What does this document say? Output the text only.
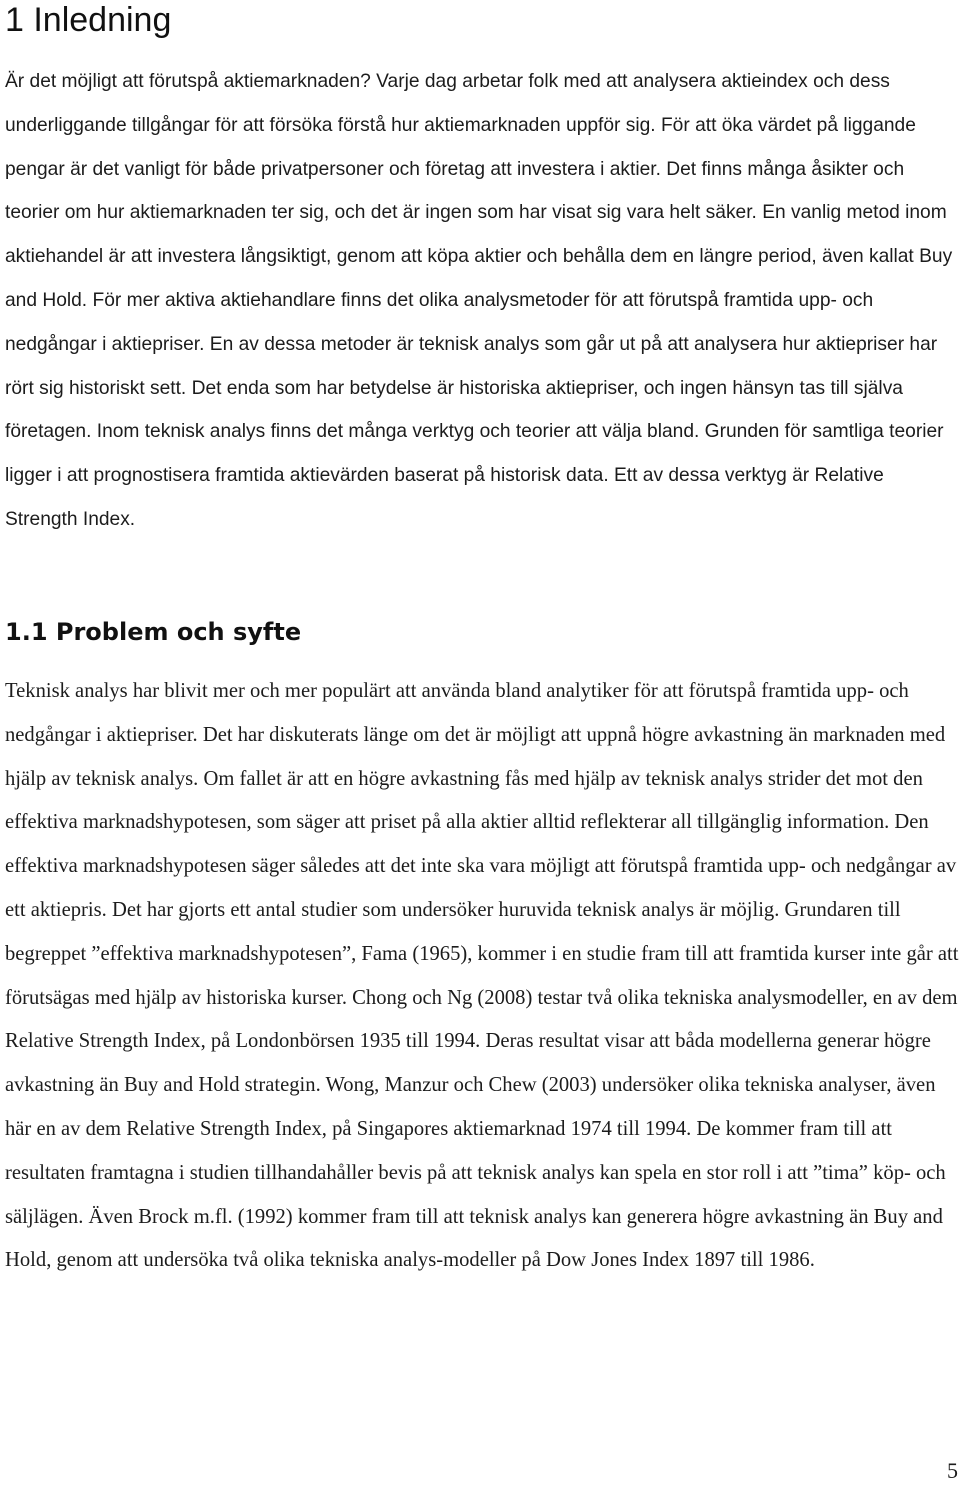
1 Inledning

Är det möjligt att förutspå aktiemarknaden? Varje dag arbetar folk med att analysera aktieindex och dess underliggande tillgångar för att försöka förstå hur aktiemarknaden uppför sig. För att öka värdet på liggande pengar är det vanligt för både privatpersoner och företag att investera i aktier. Det finns många åsikter och teorier om hur aktiemarknaden ter sig, och det är ingen som har visat sig vara helt säker. En vanlig metod inom aktiehandel är att investera långsiktigt, genom att köpa aktier och behålla dem en längre period, även kallat Buy and Hold. För mer aktiva aktiehandlare finns det olika analysmetoder för att förutspå framtida upp- och nedgångar i aktiepriser. En av dessa metoder är teknisk analys som går ut på att analysera hur aktiepriser har rört sig historiskt sett. Det enda som har betydelse är historiska aktiepriser, och ingen hänsyn tas till själva företagen. Inom teknisk analys finns det många verktyg och teorier att välja bland. Grunden för samtliga teorier ligger i att prognostisera framtida aktievärden baserat på historisk data. Ett av dessa verktyg är Relative Strength Index.

1.1 Problem och syfte

Teknisk analys har blivit mer och mer populärt att använda bland analytiker för att förutspå framtida upp- och nedgångar i aktiepriser. Det har diskuterats länge om det är möjligt att uppnå högre avkastning än marknaden med hjälp av teknisk analys. Om fallet är att en högre avkastning fås med hjälp av teknisk analys strider det mot den effektiva marknadshypotesen, som säger att priset på alla aktier alltid reflekterar all tillgänglig information. Den effektiva marknadshypotesen säger således att det inte ska vara möjligt att förutspå framtida upp- och nedgångar av ett aktiepris. Det har gjorts ett antal studier som undersöker huruvida teknisk analys är möjlig. Grundaren till begreppet ”effektiva marknadshypotesen”, Fama (1965), kommer i en studie fram till att framtida kurser inte går att förutsägas med hjälp av historiska kurser. Chong och Ng (2008) testar två olika tekniska analysmodeller, en av dem Relative Strength Index, på Londonbörsen 1935 till 1994. Deras resultat visar att båda modellerna generar högre avkastning än Buy and Hold strategin. Wong, Manzur och Chew (2003) undersöker olika tekniska analyser, även här en av dem Relative Strength Index, på Singapores aktiemarknad 1974 till 1994. De kommer fram till att resultaten framtagna i studien tillhandahåller bevis på att teknisk analys kan spela en stor roll i att ”tima” köp- och säljlägen. Även Brock m.fl. (1992) kommer fram till att teknisk analys kan generera högre avkastning än Buy and Hold, genom att undersöka två olika tekniska analys-modeller på Dow Jones Index 1897 till 1986.

5
